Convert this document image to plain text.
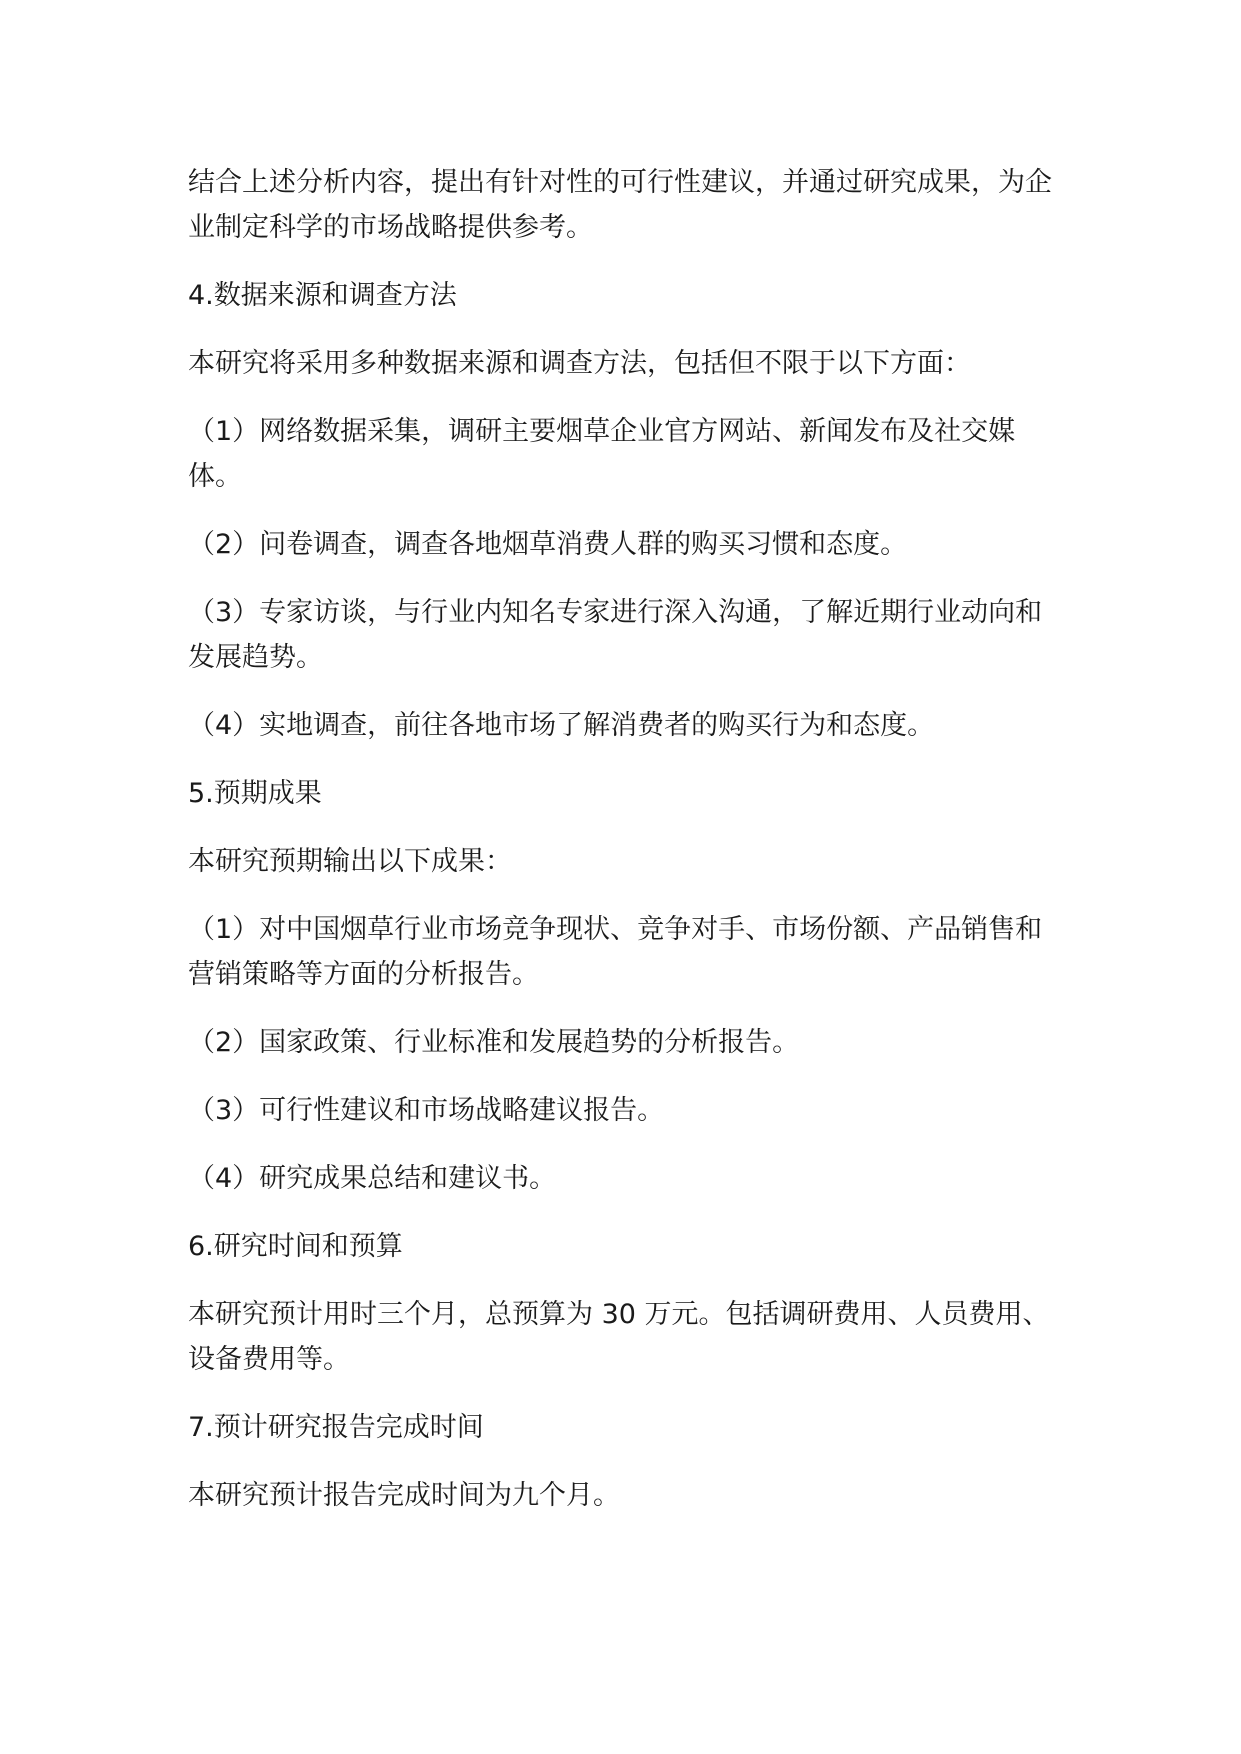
结合上述分析内容，提出有针对性的可行性建议，并通过研究成果，为企业制定科学的市场战略提供参考。

4.数据来源和调查方法

本研究将采用多种数据来源和调查方法，包括但不限于以下方面：

（1）网络数据采集，调研主要烟草企业官方网站、新闻发布及社交媒体。

（2）问卷调查，调查各地烟草消费人群的购买习惯和态度。

（3）专家访谈，与行业内知名专家进行深入沟通，了解近期行业动向和发展趋势。

（4）实地调查，前往各地市场了解消费者的购买行为和态度。

5.预期成果

本研究预期输出以下成果：

（1）对中国烟草行业市场竞争现状、竞争对手、市场份额、产品销售和营销策略等方面的分析报告。

（2）国家政策、行业标准和发展趋势的分析报告。

（3）可行性建议和市场战略建议报告。

（4）研究成果总结和建议书。

6.研究时间和预算

本研究预计用时三个月，总预算为 30 万元。包括调研费用、人员费用、设备费用等。

7.预计研究报告完成时间

本研究预计报告完成时间为九个月。
